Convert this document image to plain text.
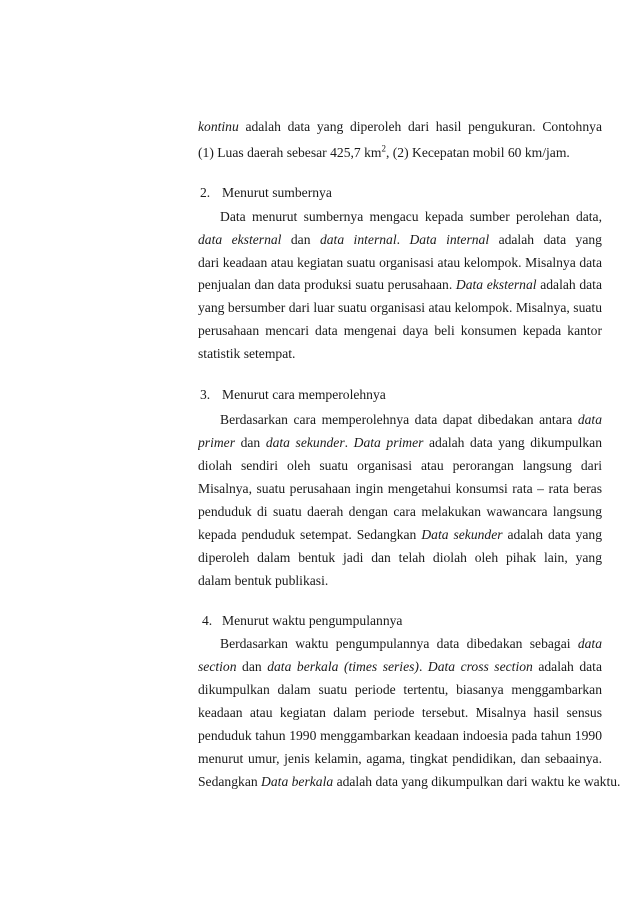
kontinu adalah data yang diperoleh dari hasil pengukuran. Contohnya
(1) Luas daerah sebesar 425,7 $km^2$, (2) Kecepatan mobil 60 km/jam.
2. Menurut sumbernya
Data menurut sumbernya mengacu kepada sumber perolehan data,
data eksternal dan data internal. Data internal adalah data yang
dari keadaan atau kegiatan suatu organisasi atau kelompok. Misalnya data
penjualan dan data produksi suatu perusahaan. Data eksternal adalah data
yang bersumber dari luar suatu organisasi atau kelompok. Misalnya, suatu
perusahaan mencari data mengenai daya beli konsumen kepada kantor
statistik setempat.
3. Menurut cara memperolehnya
Berdasarkan cara memperolehnya data dapat dibedakan antara data
primer dan data sekunder. Data primer adalah data yang dikumpulkan
diolah sendiri oleh suatu organisasi atau perorangan langsung dari
Misalnya, suatu perusahaan ingin mengetahui konsumsi rata – rata beras
penduduk di suatu daerah dengan cara melakukan wawancara langsung
kepada penduduk setempat. Sedangkan Data sekunder adalah data yang
diperoleh dalam bentuk jadi dan telah diolah oleh pihak lain, yang
dalam bentuk publikasi.
4. Menurut waktu pengumpulannya
Berdasarkan waktu pengumpulannya data dibedakan sebagai data
section dan data berkala (times series). Data cross section adalah data
dikumpulkan dalam suatu periode tertentu, biasanya menggambarkan
keadaan atau kegiatan dalam periode tersebut. Misalnya hasil sensus
penduduk tahun 1990 menggambarkan keadaan indoesia pada tahun 1990
menurut umur, jenis kelamin, agama, tingkat pendidikan, dan sebaainya.
Sedangkan Data berkala adalah data yang dikumpulkan dari waktu ke waktu.
